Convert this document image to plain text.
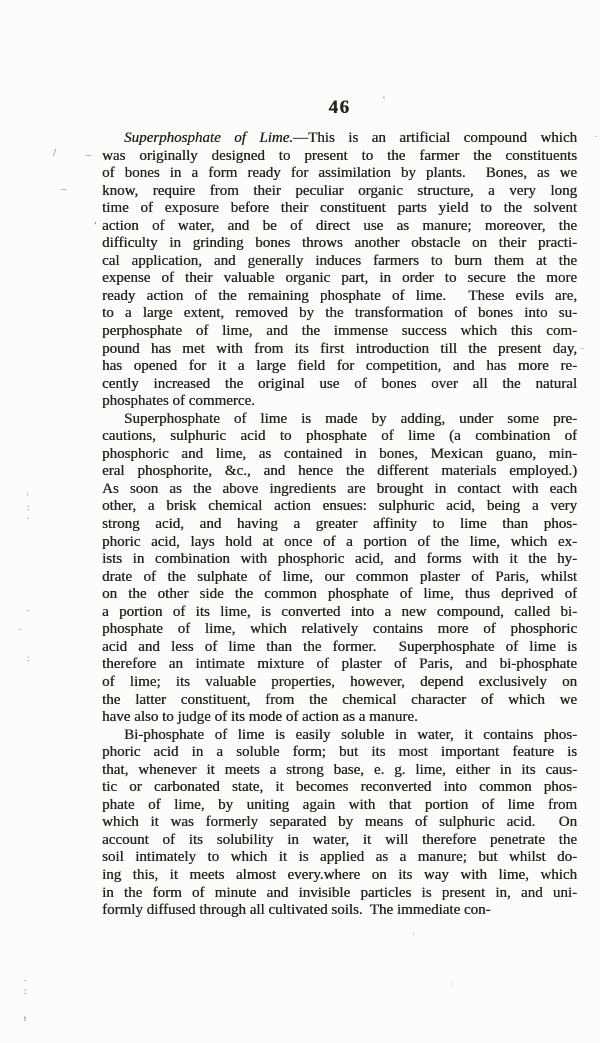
46
Superphosphate of Lime.—This is an artificial compound which
was originally designed to present to the farmer the constituents
of bones in a form ready for assimilation by plants.  Bones, as we
know, require from their peculiar organic structure, a very long
time of exposure before their constituent parts yield to the solvent
action of water, and be of direct use as manure; moreover, the
difficulty in grinding bones throws another obstacle on their practi-
cal application, and generally induces farmers to burn them at the
expense of their valuable organic part, in order to secure the more
ready action of the remaining phosphate of lime.  These evils are,
to a large extent, removed by the transformation of bones into su-
perphosphate of lime, and the immense success which this com-
pound has met with from its first introduction till the present day,
has opened for it a large field for competition, and has more re-
cently increased the original use of bones over all the natural
phosphates of commerce.
Superphosphate of lime is made by adding, under some pre-
cautions, sulphuric acid to phosphate of lime (a combination of
phosphoric and lime, as contained in bones, Mexican guano, min-
eral phosphorite, &c., and hence the different materials employed.)
As soon as the above ingredients are brought in contact with each
other, a brisk chemical action ensues: sulphuric acid, being a very
strong acid, and having a greater affinity to lime than phos-
phoric acid, lays hold at once of a portion of the lime, which ex-
ists in combination with phosphoric acid, and forms with it the hy-
drate of the sulphate of lime, our common plaster of Paris, whilst
on the other side the common phosphate of lime, thus deprived of
a portion of its lime, is converted into a new compound, called bi-
phosphate of lime, which relatively contains more of phosphoric
acid and less of lime than the former.  Superphosphate of lime is
therefore an intimate mixture of plaster of Paris, and bi-phosphate
of lime; its valuable properties, however, depend exclusively on
the latter constituent, from the chemical character of which we
have also to judge of its mode of action as a manure.
Bi-phosphate of lime is easily soluble in water, it contains phos-
phoric acid in a soluble form; but its most important feature is
that, whenever it meets a strong base, e. g. lime, either in its caus-
tic or carbonated state, it becomes reconverted into common phos-
phate of lime, by uniting again with that portion of lime from
which it was formerly separated by means of sulphuric acid.  On
account of its solubility in water, it will therefore penetrate the
soil intimately to which it is applied as a manure; but whilst do-
ing this, it meets almost every.where on its way with lime, which
in the form of minute and invisible particles is present in, and uni-
formly diffused through all cultivated soils.  The immediate con-
▪
/	–
–
,
'
:
.
.
.
:
.
..
·
.
:
·
t
